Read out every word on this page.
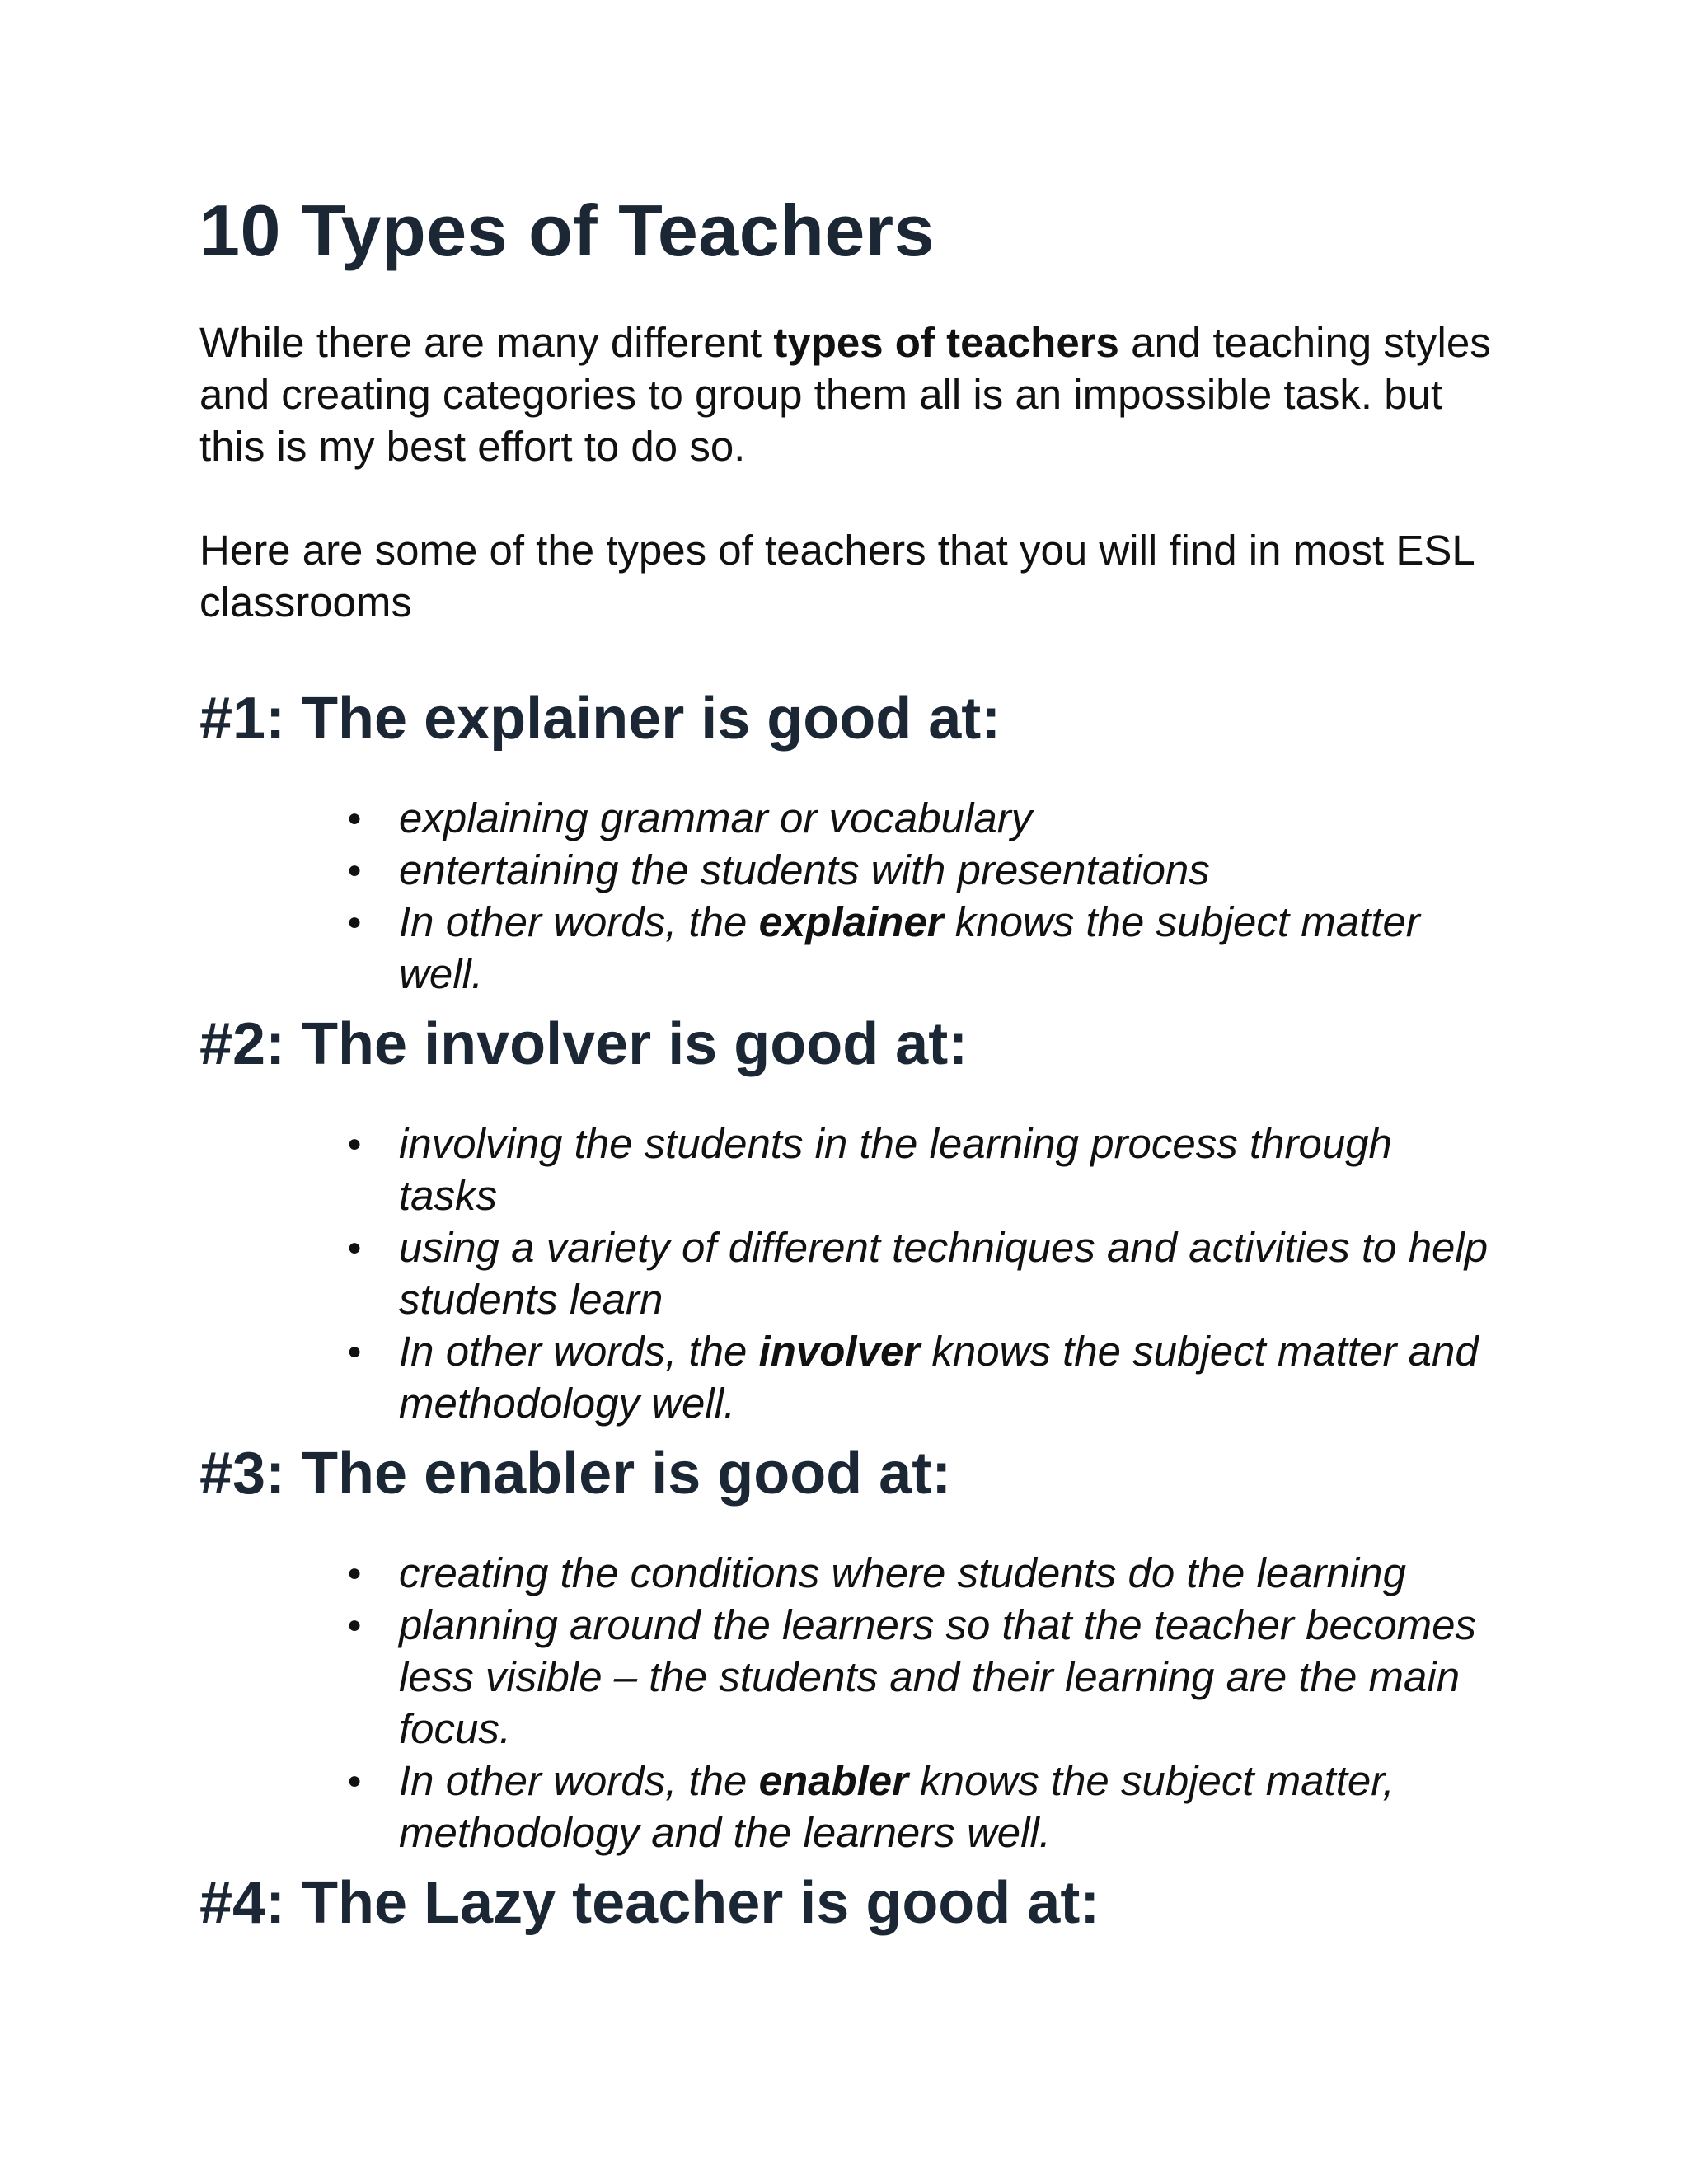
10 Types of Teachers

While there are many different types of teachers and teaching styles and creating categories to group them all is an impossible task. but this is my best effort to do so.

Here are some of the types of teachers that you will find in most ESL classrooms

#1: The explainer is good at:
● explaining grammar or vocabulary
● entertaining the students with presentations
● In other words, the explainer knows the subject matter well.
#2: The involver is good at:
● involving the students in the learning process through tasks
● using a variety of different techniques and activities to help students learn
● In other words, the involver knows the subject matter and methodology well.
#3: The enabler is good at:
● creating the conditions where students do the learning
● planning around the learners so that the teacher becomes less visible – the students and their learning are the main focus.
● In other words, the enabler knows the subject matter, methodology and the learners well.
#4: The Lazy teacher is good at:
